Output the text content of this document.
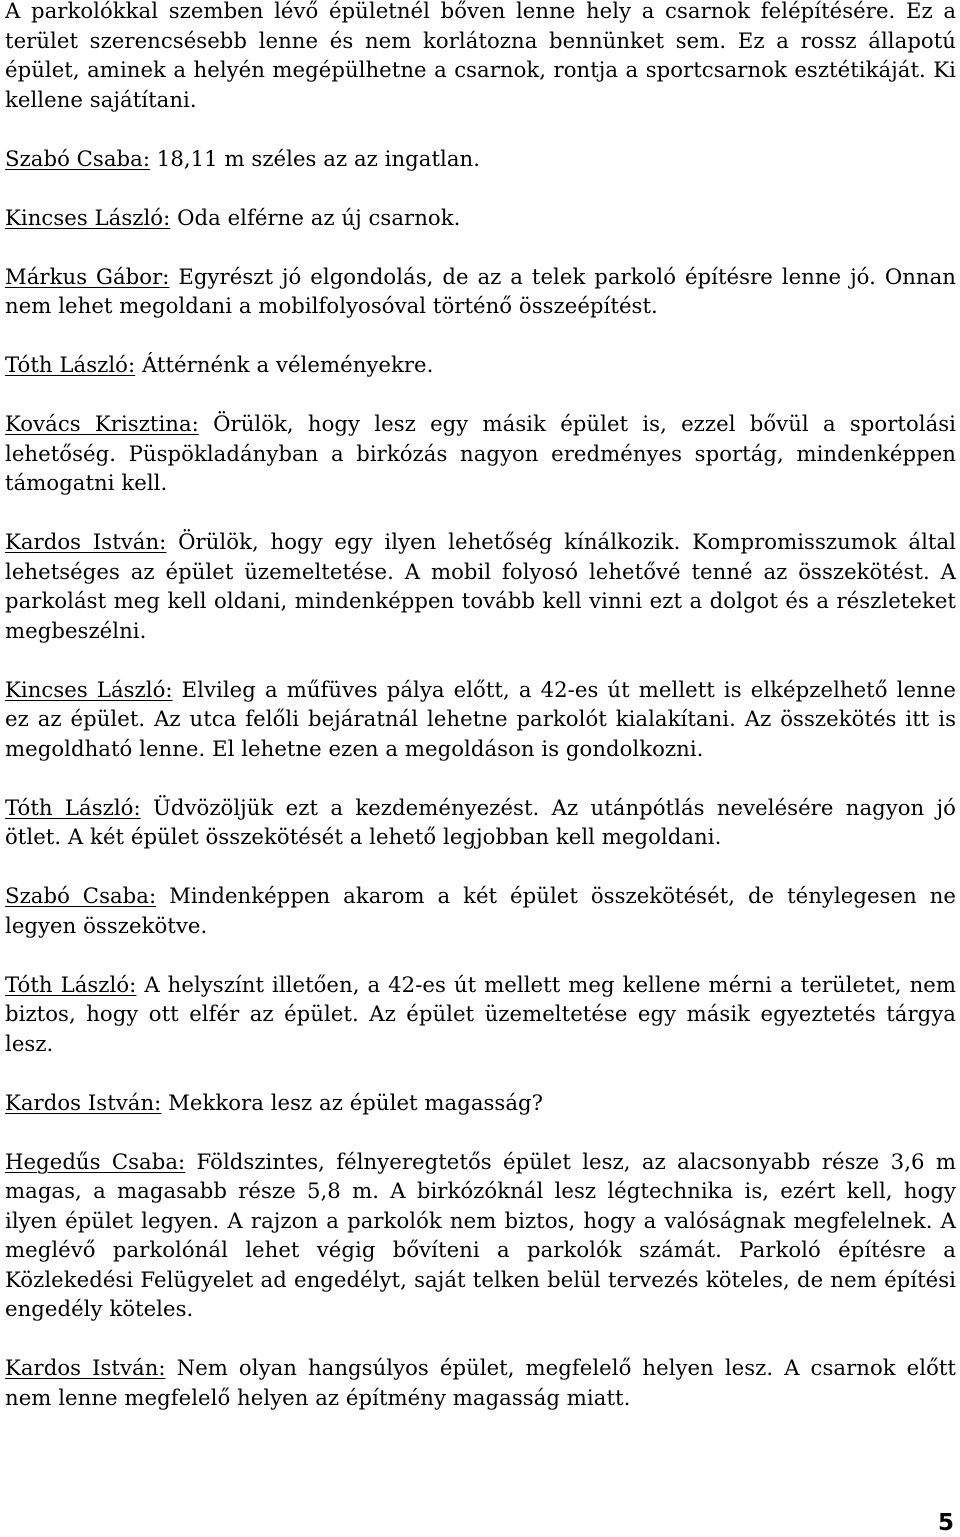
A parkolókkal szemben lévő épületnél bőven lenne hely a csarnok felépítésére. Ez a terület szerencsésebb lenne és nem korlátozna bennünket sem. Ez a rossz állapotú épület, aminek a helyén megépülhetne a csarnok, rontja a sportcsarnok esztétikáját. Ki kellene sajátítani.

Szabó Csaba: 18,11 m széles az az ingatlan.

Kincses László: Oda elférne az új csarnok.

Márkus Gábor: Egyrészt jó elgondolás, de az a telek parkoló építésre lenne jó. Onnan nem lehet megoldani a mobilfolyosóval történő összeépítést.

Tóth László: Áttérnénk a véleményekre.

Kovács Krisztina: Örülök, hogy lesz egy másik épület is, ezzel bővül a sportolási lehetőség. Püspökladányban a birkózás nagyon eredményes sportág, mindenképpen támogatni kell.

Kardos István: Örülök, hogy egy ilyen lehetőség kínálkozik. Kompromisszumok által lehetséges az épület üzemeltetése. A mobil folyosó lehetővé tenné az összekötést. A parkolást meg kell oldani, mindenképpen tovább kell vinni ezt a dolgot és a részleteket megbeszélni.

Kincses László: Elvileg a műfüves pálya előtt, a 42-es út mellett is elképzelhető lenne ez az épület. Az utca felőli bejáratnál lehetne parkolót kialakítani. Az összekötés itt is megoldható lenne. El lehetne ezen a megoldáson is gondolkozni.

Tóth László: Üdvözöljük ezt a kezdeményezést. Az utánpótlás nevelésére nagyon jó ötlet. A két épület összekötését a lehető legjobban kell megoldani.

Szabó Csaba: Mindenképpen akarom a két épület összekötését, de ténylegesen ne legyen összekötve.

Tóth László: A helyszínt illetően, a 42-es út mellett meg kellene mérni a területet, nem biztos, hogy ott elfér az épület. Az épület üzemeltetése egy másik egyeztetés tárgya lesz.

Kardos István: Mekkora lesz az épület magasság?

Hegedűs Csaba: Földszintes, félnyeregtetős épület lesz, az alacsonyabb része 3,6 m magas, a magasabb része 5,8 m. A birkózóknál lesz légtechnika is, ezért kell, hogy ilyen épület legyen. A rajzon a parkolók nem biztos, hogy a valóságnak megfelelnek. A meglévő parkolónál lehet végig bővíteni a parkolók számát. Parkoló építésre a Közlekedési Felügyelet ad engedélyt, saját telken belül tervezés köteles, de nem építési engedély köteles.

Kardos István: Nem olyan hangsúlyos épület, megfelelő helyen lesz. A csarnok előtt nem lenne megfelelő helyen az építmény magasság miatt.

5
